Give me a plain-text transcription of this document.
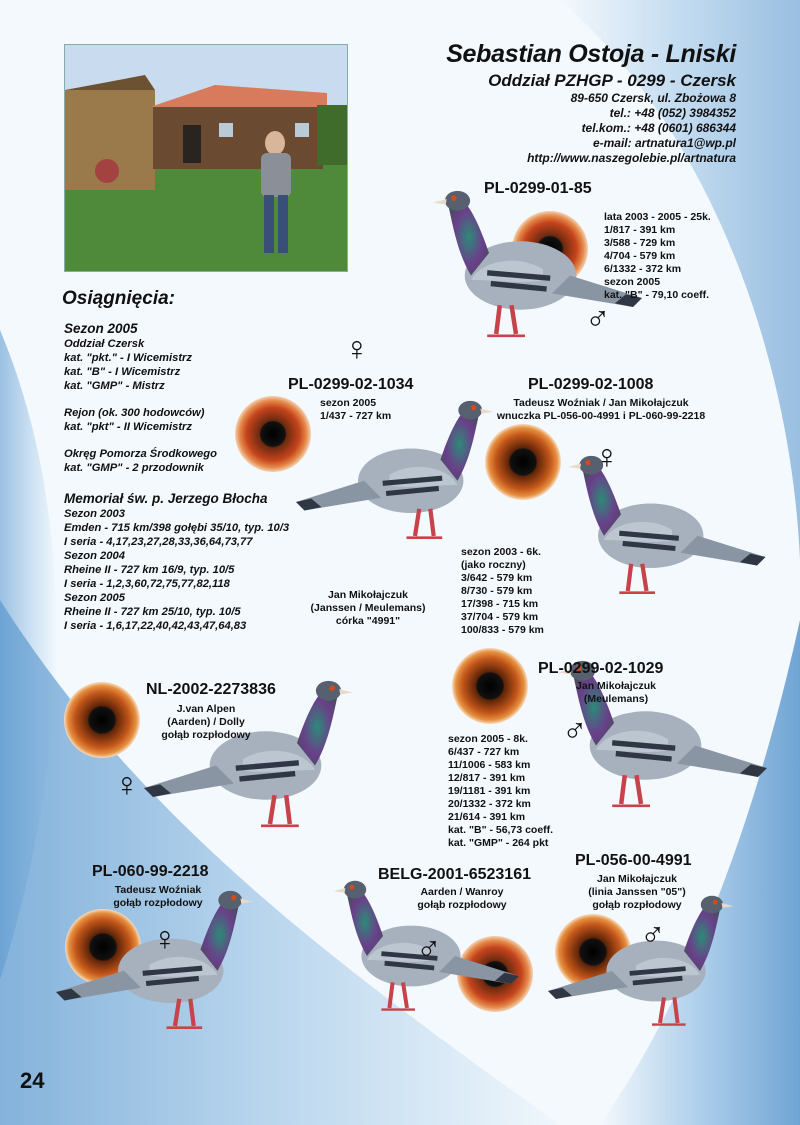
Sebastian Ostoja - Lniski
Oddział PZHGP - 0299 - Czersk
89-650 Czersk, ul. Zbożowa 8
tel.: +48 (052) 3984352
tel.kom.: +48 (0601) 686344
e-mail: artnatura1@wp.pl
http://www.naszegolebie.pl/artnatura
Osiągnięcia:
Sezon 2005
Oddział Czersk
kat. "pkt." - I Wicemistrz
kat. "B" - I Wicemistrz
kat. "GMP" - Mistrz
Rejon (ok. 300 hodowców)
kat. "pkt" - II Wicemistrz
Okręg Pomorza Środkowego
kat. "GMP" - 2 przodownik
Memoriał św. p. Jerzego Błocha
Sezon 2003
Emden - 715 km/398 gołębi 35/10, typ. 10/3
I seria - 4,17,23,27,28,33,36,64,73,77
Sezon 2004
Rheine II - 727 km 16/9, typ. 10/5
I seria - 1,2,3,60,72,75,77,82,118
Sezon 2005
Rheine II - 727 km 25/10, typ. 10/5
I seria - 1,6,17,22,40,42,43,47,64,83
PL-0299-01-85
lata 2003 - 2005 - 25k.
1/817 - 391 km
3/588 - 729 km
4/704 - 579 km
6/1332 - 372 km
sezon 2005
kat. "B" - 79,10 coeff.
♂
♀
PL-0299-02-1034
sezon 2005
1/437 - 727 km
Jan Mikołajczuk
(Janssen / Meulemans)
córka "4991"
PL-0299-02-1008
Tadeusz Woźniak / Jan Mikołajczuk
wnuczka PL-056-00-4991 i PL-060-99-2218
♀
sezon 2003 - 6k.
(jako roczny)
3/642 - 579 km
8/730 - 579 km
17/398 - 715 km
37/704 - 579 km
100/833 - 579 km
NL-2002-2273836
J.van Alpen
(Aarden) / Dolly
gołąb rozpłodowy
♀
PL-0299-02-1029
Jan Mikołajczuk
(Meulemans)
♂
sezon 2005 - 8k.
6/437 - 727 km
11/1006 - 583 km
12/817 - 391 km
19/1181 - 391 km
20/1332 - 372 km
21/614 - 391 km
kat. "B" - 56,73 coeff.
kat. "GMP" - 264 pkt
PL-060-99-2218
Tadeusz Woźniak
gołąb rozpłodowy
♀
BELG-2001-6523161
Aarden / Wanroy
gołąb rozpłodowy
♂
PL-056-00-4991
Jan Mikołajczuk
(linia Janssen "05")
gołąb rozpłodowy
♂
24
